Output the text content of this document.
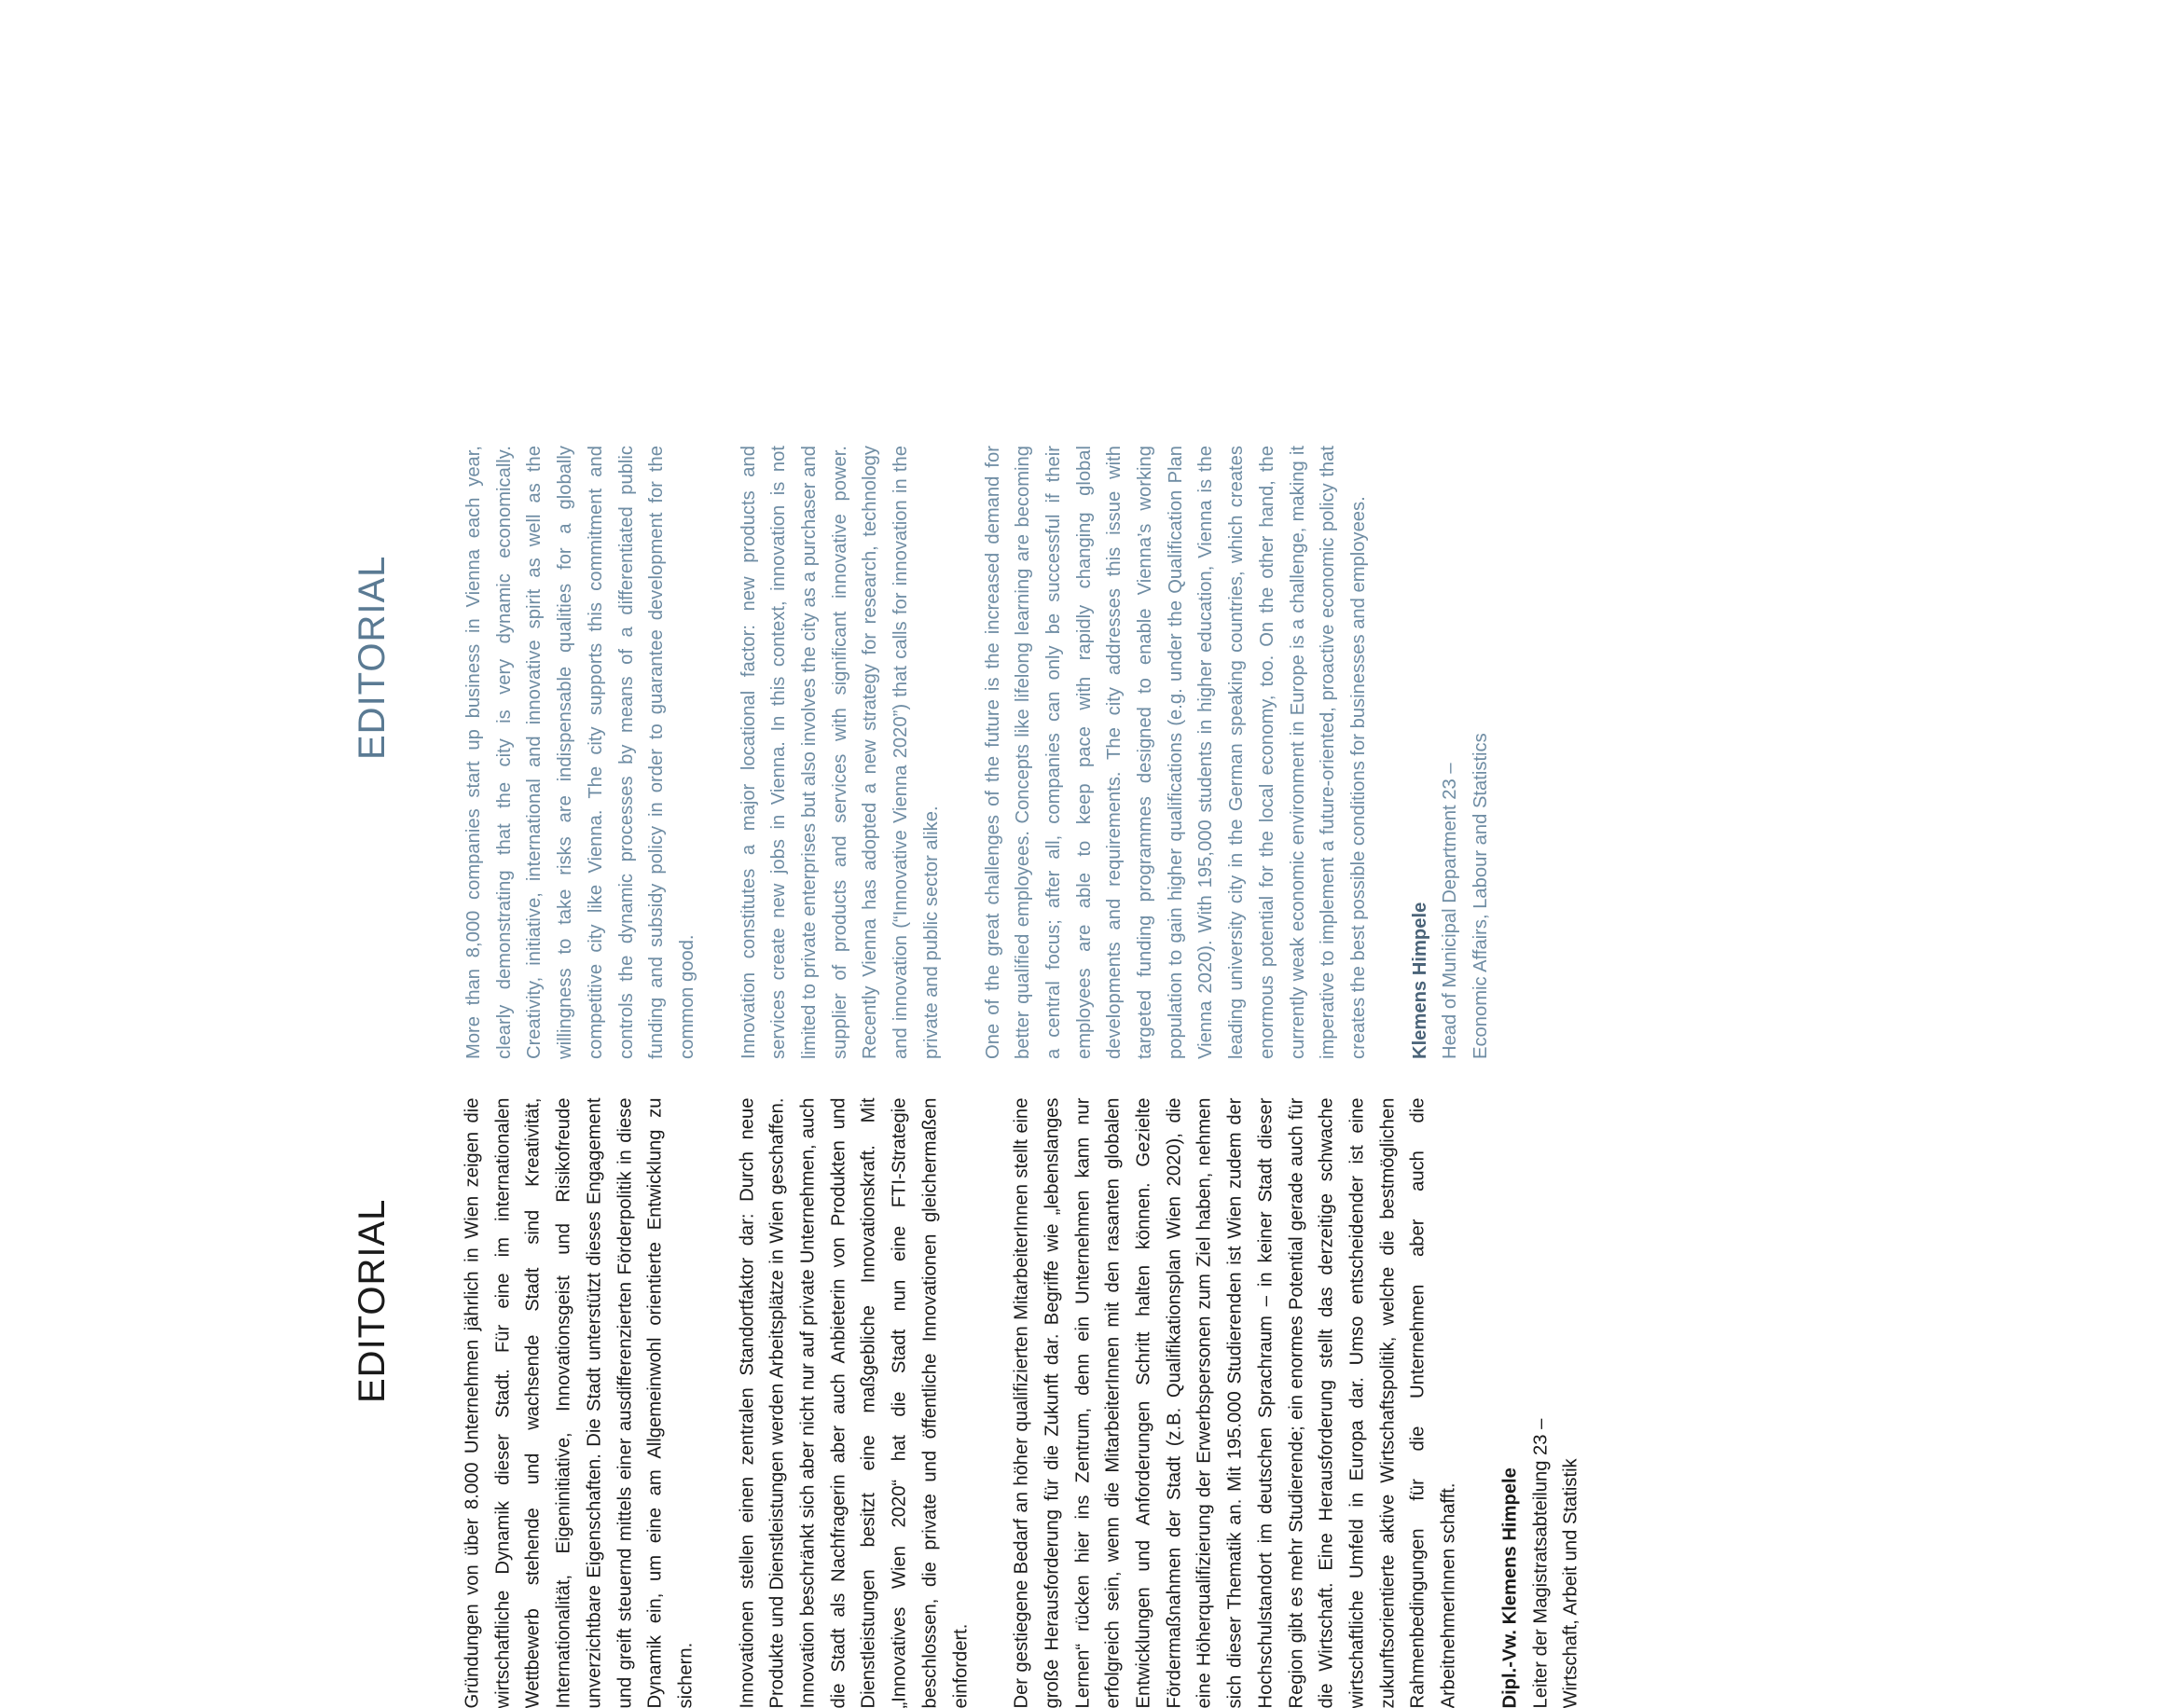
EDITORIAL	Gründungen von über 8.000 Unternehmen jährlich in Wien zeigen die wirtschaftliche Dynamik dieser Stadt. Für eine im internationalen Wettbewerb stehende und wachsende Stadt sind Kreativität, Internationalität, Eigeninitiative, Innovationsgeist und Risikofreude unverzichtbare Eigenschaften. Die Stadt unterstützt dieses Engagement und greift steuernd mittels einer ausdifferenzierten Förderpolitik in diese Dynamik ein, um eine am Allgemeinwohl orientierte Entwicklung zu sichern. Innovationen stellen einen zentralen Standortfaktor dar: Durch neue Produkte und Dienstleistungen werden Arbeitsplätze in Wien geschaffen. Innovation beschränkt sich aber nicht nur auf private Unternehmen, auch die Stadt als Nachfragerin aber auch Anbieterin von Produkten und Dienstleistungen besitzt eine maßgebliche Innovationskraft. Mit „Innovatives Wien 2020“ hat die Stadt nun eine FTI-Strategie beschlossen, die private und öffentliche Innovationen gleichermaßen einfordert. Der gestiegene Bedarf an höher qualifizierten MitarbeiterInnen stellt eine große Herausforderung für die Zukunft dar. Begriffe wie „lebenslanges Lernen“ rücken hier ins Zentrum, denn ein Unternehmen kann nur erfolgreich sein, wenn die MitarbeiterInnen mit den rasanten globalen Entwicklungen und Anforderungen Schritt halten können. Gezielte Fördermaßnahmen der Stadt (z.B. Qualifikationsplan Wien 2020), die eine Höherqualifizierung der Erwerbspersonen zum Ziel haben, nehmen sich dieser Thematik an. Mit 195.000 Studierenden ist Wien zudem der Hochschulstandort im deutschen Sprachraum – in keiner Stadt dieser Region gibt es mehr Studierende; ein enormes Potential gerade auch für die Wirtschaft. Eine Herausforderung stellt das derzeitige schwache wirtschaftliche Umfeld in Europa dar. Umso entscheidender ist eine zukunftsorientierte aktive Wirtschaftspolitik, welche die bestmöglichen Rahmenbedingungen für die Unternehmen aber auch die ArbeitnehmerInnen schafft. Dipl.-Vw. Klemens Himpele Leiter der Magistratsabteilung 23 – Wirtschaft, Arbeit und Statistik

EDITORIAL	More than 8,000 companies start up business in Vienna each year, clearly demonstrating that the city is very dynamic economically. Creativity, initiative, international and innovative spirit as well as the willingness to take risks are indispensable qualities for a globally competitive city like Vienna. The city supports this commitment and controls the dynamic processes by means of a differentiated public funding and subsidy policy in order to guarantee development for the common good. Innovation constitutes a major locational factor: new products and services create new jobs in Vienna. In this context, innovation is not limited to private enterprises but also involves the city as a purchaser and supplier of products and services with significant innovative power. Recently Vienna has adopted a new strategy for research, technology and innovation (“Innovative Vienna 2020”) that calls for innovation in the private and public sector alike. One of the great challenges of the future is the increased demand for better qualified employees. Concepts like lifelong learning are becoming a central focus; after all, companies can only be successful if their employees are able to keep pace with rapidly changing global developments and requirements. The city addresses this issue with targeted funding programmes designed to enable Vienna’s working population to gain higher qualifications (e.g. under the Qualification Plan Vienna 2020). With 195,000 students in higher education, Vienna is the leading university city in the German speaking countries, which creates enormous potential for the local economy, too. On the other hand, the currently weak economic environment in Europe is a challenge, making it imperative to implement a future-oriented, proactive economic policy that creates the best possible conditions for businesses and employees. Klemens Himpele Head of Municipal Department 23 – Economic Affairs, Labour and Statistics
